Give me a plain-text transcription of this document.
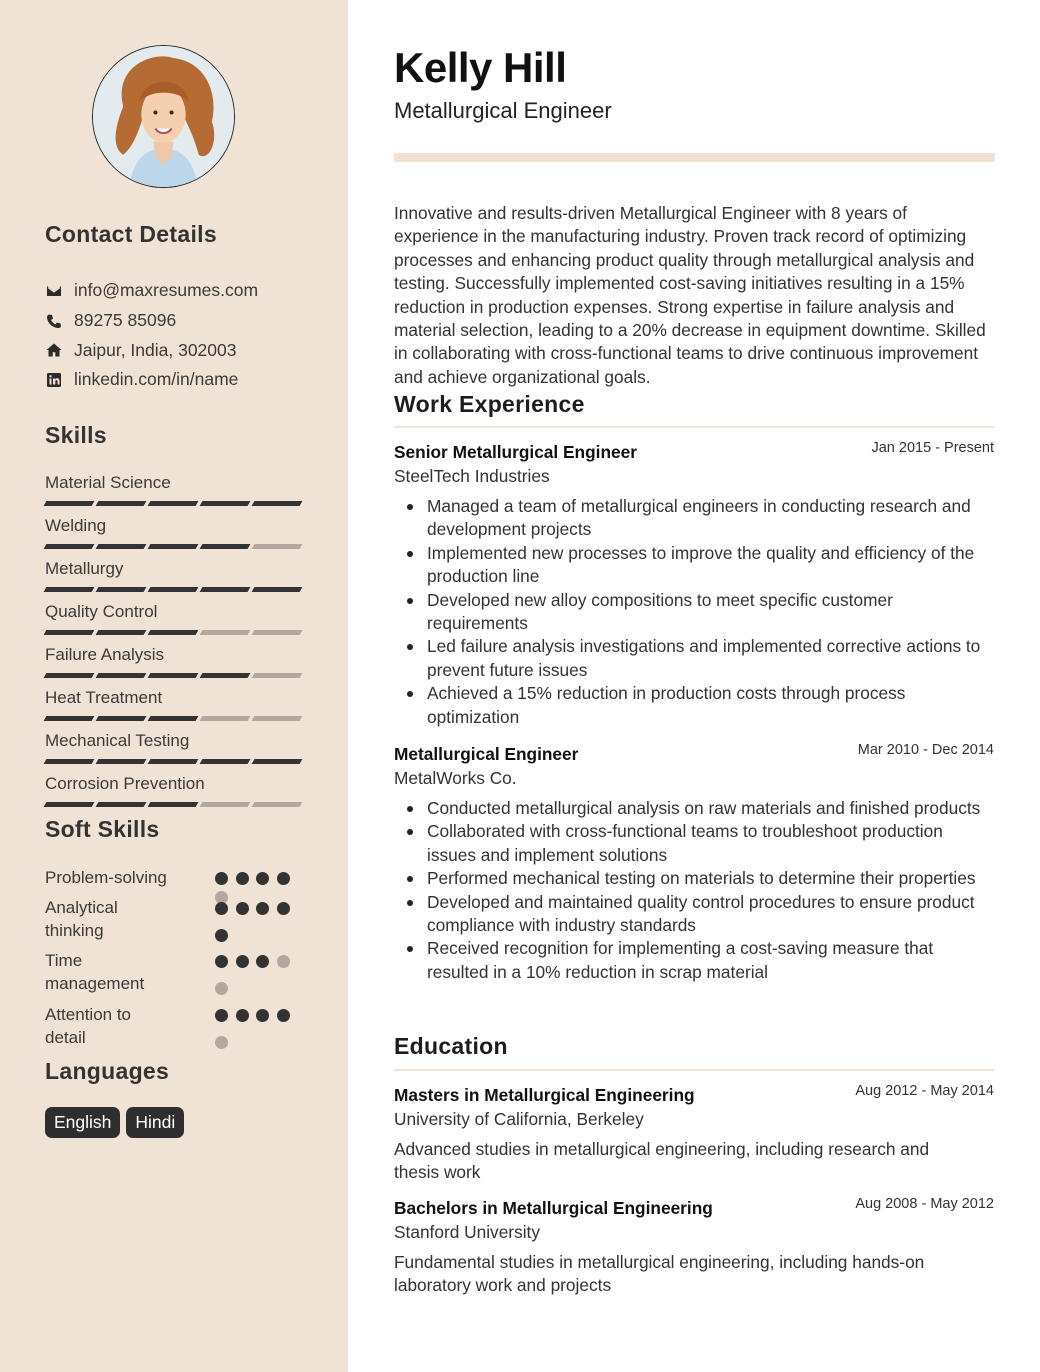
Contact Details
info@maxresumes.com
89275 85096
Jaipur, India, 302003
linkedin.com/in/name
Skills
Material Science
Welding
Metallurgy
Quality Control
Failure Analysis
Heat Treatment
Mechanical Testing
Corrosion Prevention
Soft Skills
Problem-solving
Analytical thinking
Time management
Attention to detail
Languages
English	Hindi
Kelly Hill
Metallurgical Engineer
Innovative and results-driven Metallurgical Engineer with 8 years of experience in the manufacturing industry. Proven track record of optimizing processes and enhancing product quality through metallurgical analysis and testing. Successfully implemented cost-saving initiatives resulting in a 15% reduction in production expenses. Strong expertise in failure analysis and material selection, leading to a 20% decrease in equipment downtime. Skilled in collaborating with cross-functional teams to drive continuous improvement and achieve organizational goals.
Work Experience
Senior Metallurgical Engineer	Jan 2015 - Present
SteelTech Industries
Managed a team of metallurgical engineers in conducting research and development projects
Implemented new processes to improve the quality and efficiency of the production line
Developed new alloy compositions to meet specific customer requirements
Led failure analysis investigations and implemented corrective actions to prevent future issues
Achieved a 15% reduction in production costs through process optimization
Metallurgical Engineer	Mar 2010 - Dec 2014
MetalWorks Co.
Conducted metallurgical analysis on raw materials and finished products
Collaborated with cross-functional teams to troubleshoot production issues and implement solutions
Performed mechanical testing on materials to determine their properties
Developed and maintained quality control procedures to ensure product compliance with industry standards
Received recognition for implementing a cost-saving measure that resulted in a 10% reduction in scrap material
Education
Masters in Metallurgical Engineering	Aug 2012 - May 2014
University of California, Berkeley
Advanced studies in metallurgical engineering, including research and thesis work
Bachelors in Metallurgical Engineering	Aug 2008 - May 2012
Stanford University
Fundamental studies in metallurgical engineering, including hands-on laboratory work and projects
